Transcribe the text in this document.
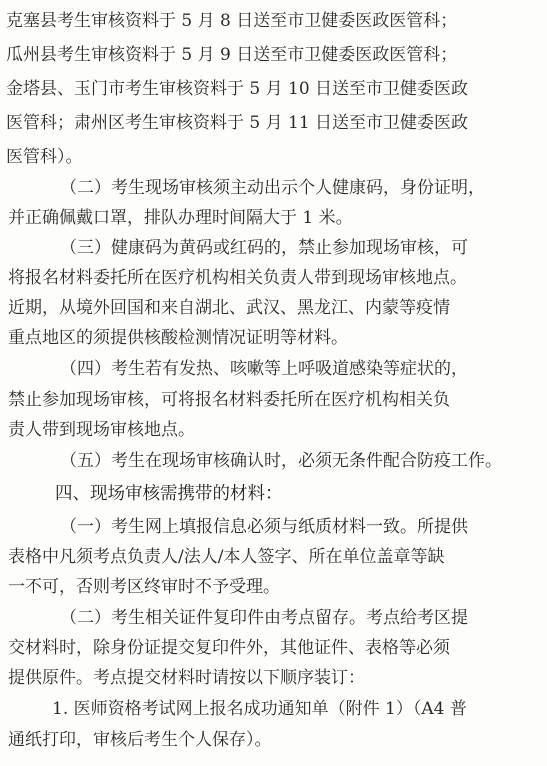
克塞县考生审核资料于 5 月 8 日送至市卫健委医政医管科；
瓜州县考生审核资料于 5 月 9 日送至市卫健委医政医管科；
金塔县、玉门市考生审核资料于 5 月 10 日送至市卫健委医政
医管科；肃州区考生审核资料于 5 月 11 日送至市卫健委医政
医管科）。
（二）考生现场审核须主动出示个人健康码，身份证明，
并正确佩戴口罩，排队办理时间隔大于 1 米。
（三）健康码为黄码或红码的，禁止参加现场审核，可
将报名材料委托所在医疗机构相关负责人带到现场审核地点。
近期，从境外回国和来自湖北、武汉、黑龙江、内蒙等疫情
重点地区的须提供核酸检测情况证明等材料。
（四）考生若有发热、咳嗽等上呼吸道感染等症状的，
禁止参加现场审核，可将报名材料委托所在医疗机构相关负
责人带到现场审核地点。
（五）考生在现场审核确认时，必须无条件配合防疫工作。
四、现场审核需携带的材料：
（一）考生网上填报信息必须与纸质材料一致。所提供
表格中凡须考点负责人/法人/本人签字、所在单位盖章等缺
一不可，否则考区终审时不予受理。
（二）考生相关证件复印件由考点留存。考点给考区提
交材料时，除身份证提交复印件外，其他证件、表格等必须
提供原件。考点提交材料时请按以下顺序装订：
1. 医师资格考试网上报名成功通知单（附件 1）（A4 普
通纸打印，审核后考生个人保存）。
